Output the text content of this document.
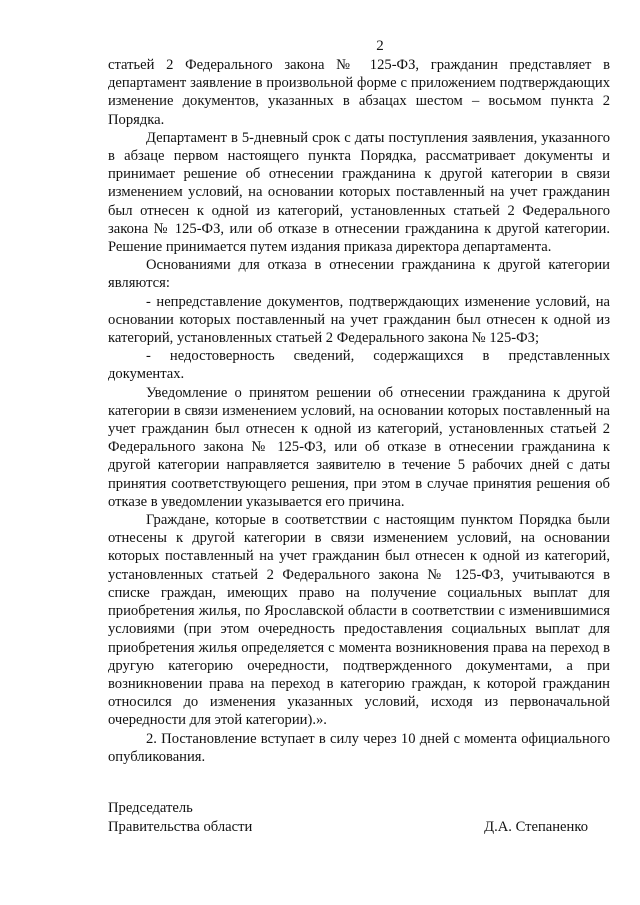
2

статьей 2 Федерального закона № 125-ФЗ, гражданин представляет в департамент заявление в произвольной форме с приложением подтверждающих изменение документов, указанных в абзацах шестом – восьмом пункта 2 Порядка.

Департамент в 5-дневный срок с даты поступления заявления, указанного в абзаце первом настоящего пункта Порядка, рассматривает документы и принимает решение об отнесении гражданина к другой категории в связи изменением условий, на основании которых поставленный на учет гражданин был отнесен к одной из категорий, установленных статьей 2 Федерального закона № 125-ФЗ, или об отказе в отнесении гражданина к другой категории. Решение принимается путем издания приказа директора департамента.

Основаниями для отказа в отнесении гражданина к другой категории являются:

- непредставление документов, подтверждающих изменение условий, на основании которых поставленный на учет гражданин был отнесен к одной из категорий, установленных статьей 2 Федерального закона № 125-ФЗ;

- недостоверность сведений, содержащихся в представленных документах.

Уведомление о принятом решении об отнесении гражданина к другой категории в связи изменением условий, на основании которых поставленный на учет гражданин был отнесен к одной из категорий, установленных статьей 2 Федерального закона № 125-ФЗ, или об отказе в отнесении гражданина к другой категории направляется заявителю в течение 5 рабочих дней с даты принятия соответствующего решения, при этом в случае принятия решения об отказе в уведомлении указывается его причина.

Граждане, которые в соответствии с настоящим пунктом Порядка были отнесены к другой категории в связи изменением условий, на основании которых поставленный на учет гражданин был отнесен к одной из категорий, установленных статьей 2 Федерального закона № 125-ФЗ, учитываются в списке граждан, имеющих право на получение социальных выплат для приобретения жилья, по Ярославской области в соответствии с изменившимися условиями (при этом очередность предоставления социальных выплат для приобретения жилья определяется с момента возникновения права на переход в другую категорию очередности, подтвержденного документами, а при возникновении права на переход в категорию граждан, к которой гражданин относился до изменения указанных условий, исходя из первоначальной очередности для этой категории).».

2. Постановление вступает в силу через 10 дней с момента официального опубликования.

Председатель
Правительства области	Д.А. Степаненко
